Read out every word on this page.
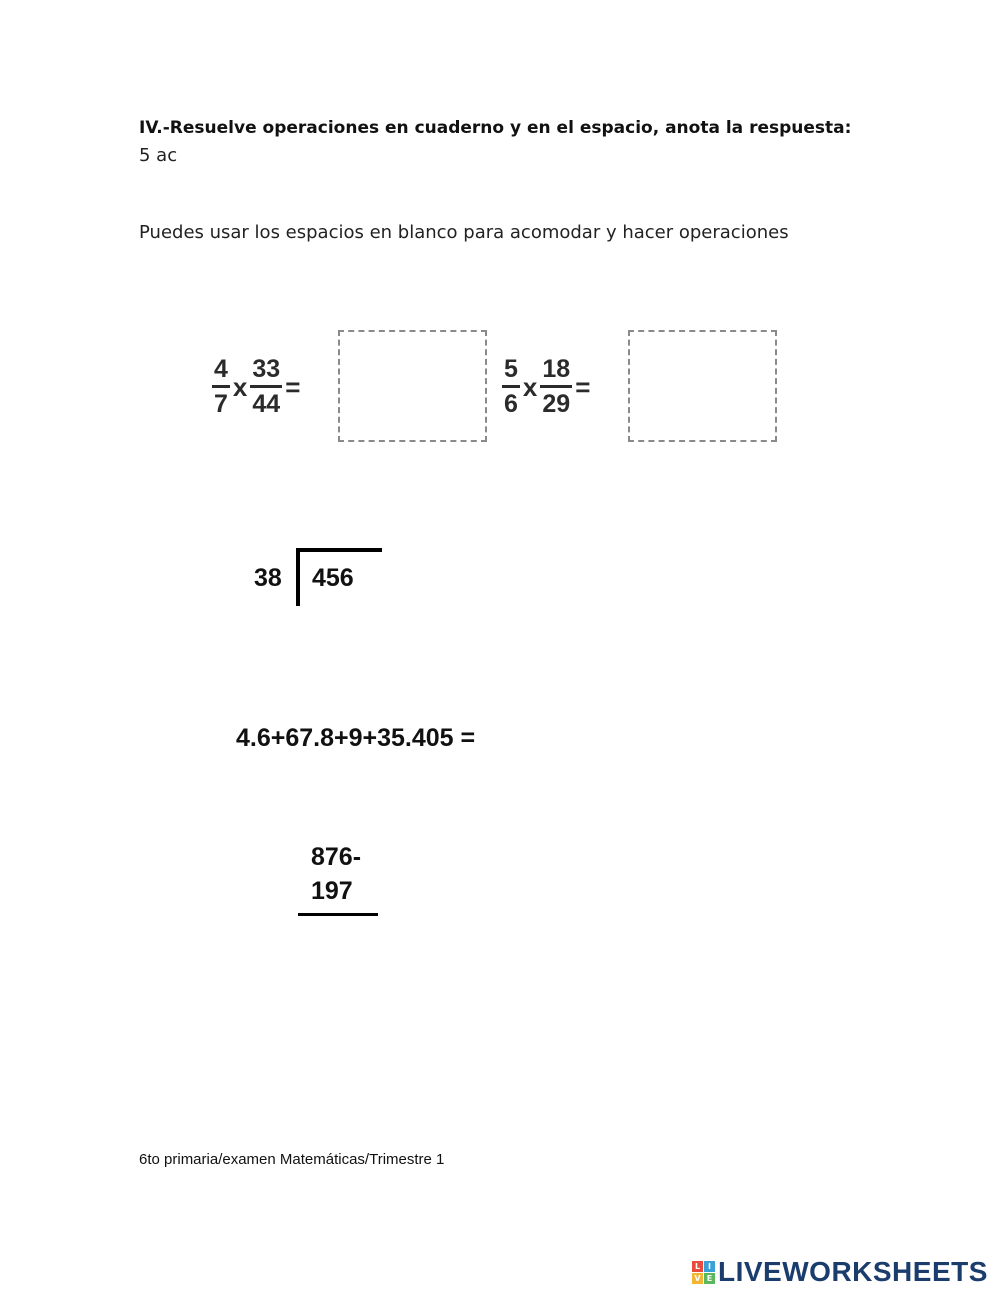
IV.-Resuelve operaciones en cuaderno y en el espacio, anota la respuesta:
5 ac
Puedes usar los espacios en blanco para acomodar y hacer operaciones
$\frac{4}{7}$ x $\frac{33}{44}$ =	$\frac{5}{6}$ x $\frac{18}{29}$ =
38 456
4.6+67.8+9+35.405 =
876-
197
6to primaria/examen Matemáticas/Trimestre 1
L I
V E LIVEWORKSHEETS
